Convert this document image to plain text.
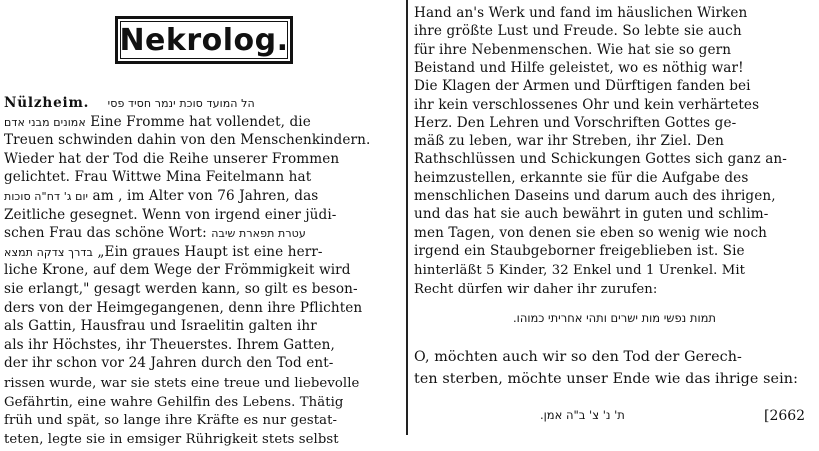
Nekrolog.
Nülzheim. הל המועד סוכת ינמר חסיד פסי
אמונים מבני אדם Eine Fromme hat vollendet, die
Treuen schwinden dahin von den Menschenkindern.
Wieder hat der Tod die Reihe unserer Frommen
gelichtet. Frau Wittwe Mina Feitelmann hat
יום ג' דח"ה סוכות am , im Alter von 76 Jahren, das
Zeitliche gesegnet. Wenn von irgend einer jüdi-
schen Frau das schöne Wort: עטרת תפארת שיבה
בדרך צדקה תמצא „Ein graues Haupt ist eine herr-
liche Krone, auf dem Wege der Frömmigkeit wird
sie erlangt," gesagt werden kann, so gilt es beson-
ders von der Heimgegangenen, denn ihre Pflichten
als Gattin, Hausfrau und Israelitin galten ihr
als ihr Höchstes, ihr Theuerstes. Ihrem Gatten,
der ihr schon vor 24 Jahren durch den Tod ent-
Hand an's Werk und fand im häuslichen Wirken
ihre größte Lust und Freude. So lebte sie auch
für ihre Nebenmenschen. Wie hat sie so gern
Beistand und Hilfe geleistet, wo es nöthig war!
Die Klagen der Armen und Dürftigen fanden bei
ihr kein verschlossenes Ohr und kein verhärtetes
Herz. Den Lehren und Vorschriften Gottes ge-
mäß zu leben, war ihr Streben, ihr Ziel. Den
Rathschlüssen und Schickungen Gottes sich ganz an-
heimzustellen, erkannte sie für die Aufgabe des
menschlichen Daseins und darum auch des ihrigen,
und das hat sie auch bewährt in guten und schlim-
men Tagen, von denen sie eben so wenig wie noch
irgend ein Staubgeborner freigeblieben ist. Sie
תמות נפשי מות ישרים ותהי אחריתי כמוהו.
O, möchten auch wir so den Tod der Gerech-
ten sterben, möchte unser Ende wie das ihrige sein:
ת' נ' צ' ב"ה אמן.	[2662
rissen wurde, war sie stets eine treue und liebevolle
Gefährtin, eine wahre Gehilfin des Lebens. Thätig
früh und spät, so lange ihre Kräfte es nur gestat-
teten, legte sie in emsiger Rührigkeit stets selbst
hinterläßt 5 Kinder, 32 Enkel und 1 Urenkel. Mit
Recht dürfen wir daher ihr zurufen:
